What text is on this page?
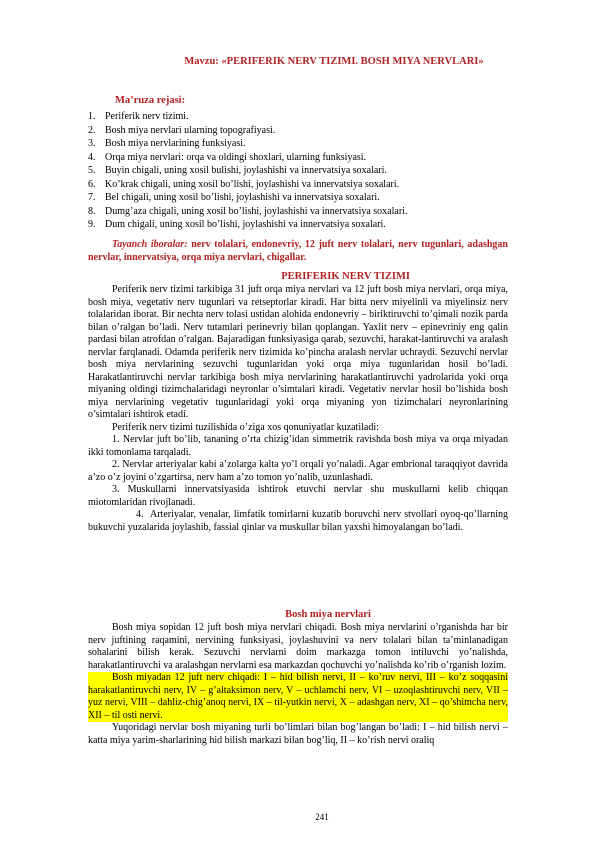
Mavzu: «PERIFERIK NERV TIZIMI. BOSH MIYA NERVLARI»
Ma’ruza rejasi:
1. Periferik nerv tizimi.
2. Bosh miya nervlari ularning topografiyasi.
3. Bosh miya nervlarining funksiyasi.
4. Orqa miya nervlari: orqa va oldingi shoxlari, ularning funksiyasi.
5. Buyin chigali, uning xosil bulishi, joylashishi va innervatsiya soxalari.
6. Ko’krak chigali, uning xosil bo’lishi, joylashishi va innervatsiya soxalari.
7. Bel chigali, uning xosil bo’lishi, joylashishi va innervatsiya soxalari.
8. Dumg’aza chigali, uning xosil bo’lishi, joylashishi va innervatsiya soxalari.
9. Dum chigali, uning xosil bo’lishi, joylashishi va innervatsiya soxalari.

Tayanch iboralar: nerv tolalari, endonevriy, 12 juft nerv tolalari, nerv tugunlari, adashgan nervlar, innervatsiya, orqa miya nervlari, chigallar.

PERIFERIK NERV TIZIMI

Periferik nerv tizimi tarkibiga 31 juft orqa miya nervlari va 12 juft bosh miya nervlari, orqa miya, bosh miya, vegetativ nerv tugunlari va retseptorlar kiradi. Har bitta nerv miyelinli va miyelinsiz nerv tolalaridan iborat. Bir nechta nerv tolasi ustidan alohida endonevriy – biriktiruvchi to’qimali nozik parda bilan o’ralgan bo’ladi. Nerv tutamlari perinevriy bilan qoplangan. Yaxlit nerv – epinevriniy eng qalin pardasi bilan atrofdan o’ralgan. Bajaradigan funksiyasiga qarab, sezuvchi, harakat-lantiruvchi va aralash nervlar farqlanadi. Odamda periferik nerv tizimida ko’pincha aralash nervlar uchraydi. Sezuvchi nervlar bosh miya nervlarining sezuvchi tugunlaridan yoki orqa miya tugunlaridan hosil bo’ladi. Harakatlantiruvchi nervlar tarkibiga bosh miya nervlarining harakatlantiruvchi yadrolarida yoki orqa miyaning oldingi tizimchalaridagi neyronlar o’simtalari kiradi. Vegetativ nervlar hosil bo’lishida bosh miya nervlarining vegetativ tugunlaridagi yoki orqa miyaning yon tizimchalari neyronlarining o’simtalari ishtirok etadi.

Periferik nerv tizimi tuzilishida o’ziga xos qonuniyatlar kuzatiladi:

1. Nervlar juft bo’lib, tananing o’rta chizig’idan simmetrik ravishda bosh miya va orqa miyadan ikki tomonlama tarqaladi.

2. Nervlar arteriyalar kabi a’zolarga kalta yo’l orqali yo’naladi. Agar embrional taraqqiyot davrida a’zo o’z joyini o’zgartirsa, nerv ham a’zo tomon yo’nalib, uzunlashadi.

3. Muskullarni innervatsiyasida ishtirok etuvchi nervlar shu muskullarni kelib chiqqan miotomlaridan rivojlanadi.

4. Arteriyalar, venalar, limfatik tomirlarni kuzatib boruvchi nerv stvollari oyoq-qo’llarning bukuvchi yuzalarida joylashib, fassial qinlar va muskullar bilan yaxshi himoyalangan bo’ladi.

Bosh miya nervlari

Bosh miya sopidan 12 juft bosh miya nervlari chiqadi. Bosh miya nervlarini o’rganishda har bir nerv juftining raqamini, nervining funksiyasi, joylashuvini va nerv tolalari bilan ta’minlanadigan sohalarini bilish kerak. Sezuvchi nervlarni doim markazga tomon intiluvchi yo’nalishda, harakatlantiruvchi va aralashgan nervlarni esa markazdan qochuvchi yo’nalishda ko’rib o’rganish lozim.

Bosh miyadan 12 juft nerv chiqadi: I – hid bilish nervi, II – ko’ruv nervi, III – ko’z soqqasini harakatlantiruvchi nerv, IV – g’altaksimon nerv, V – uchlamchi nerv, VI – uzoqlashtiruvchi nerv, VII – yuz nervi, VIII – dahliz-chig’anoq nervi, IX – til-yutkin nervi, X – adashgan nerv, XI – qo’shimcha nerv, XII – til osti nervi.

Yuqoridagi nervlar bosh miyaning turli bo’limlari bilan bog’langan bo’ladi: I – hid bilish nervi – katta miya yarim-sharlarining hid bilish markazi bilan bog’liq, II – ko’rish nervi oraliq

241
